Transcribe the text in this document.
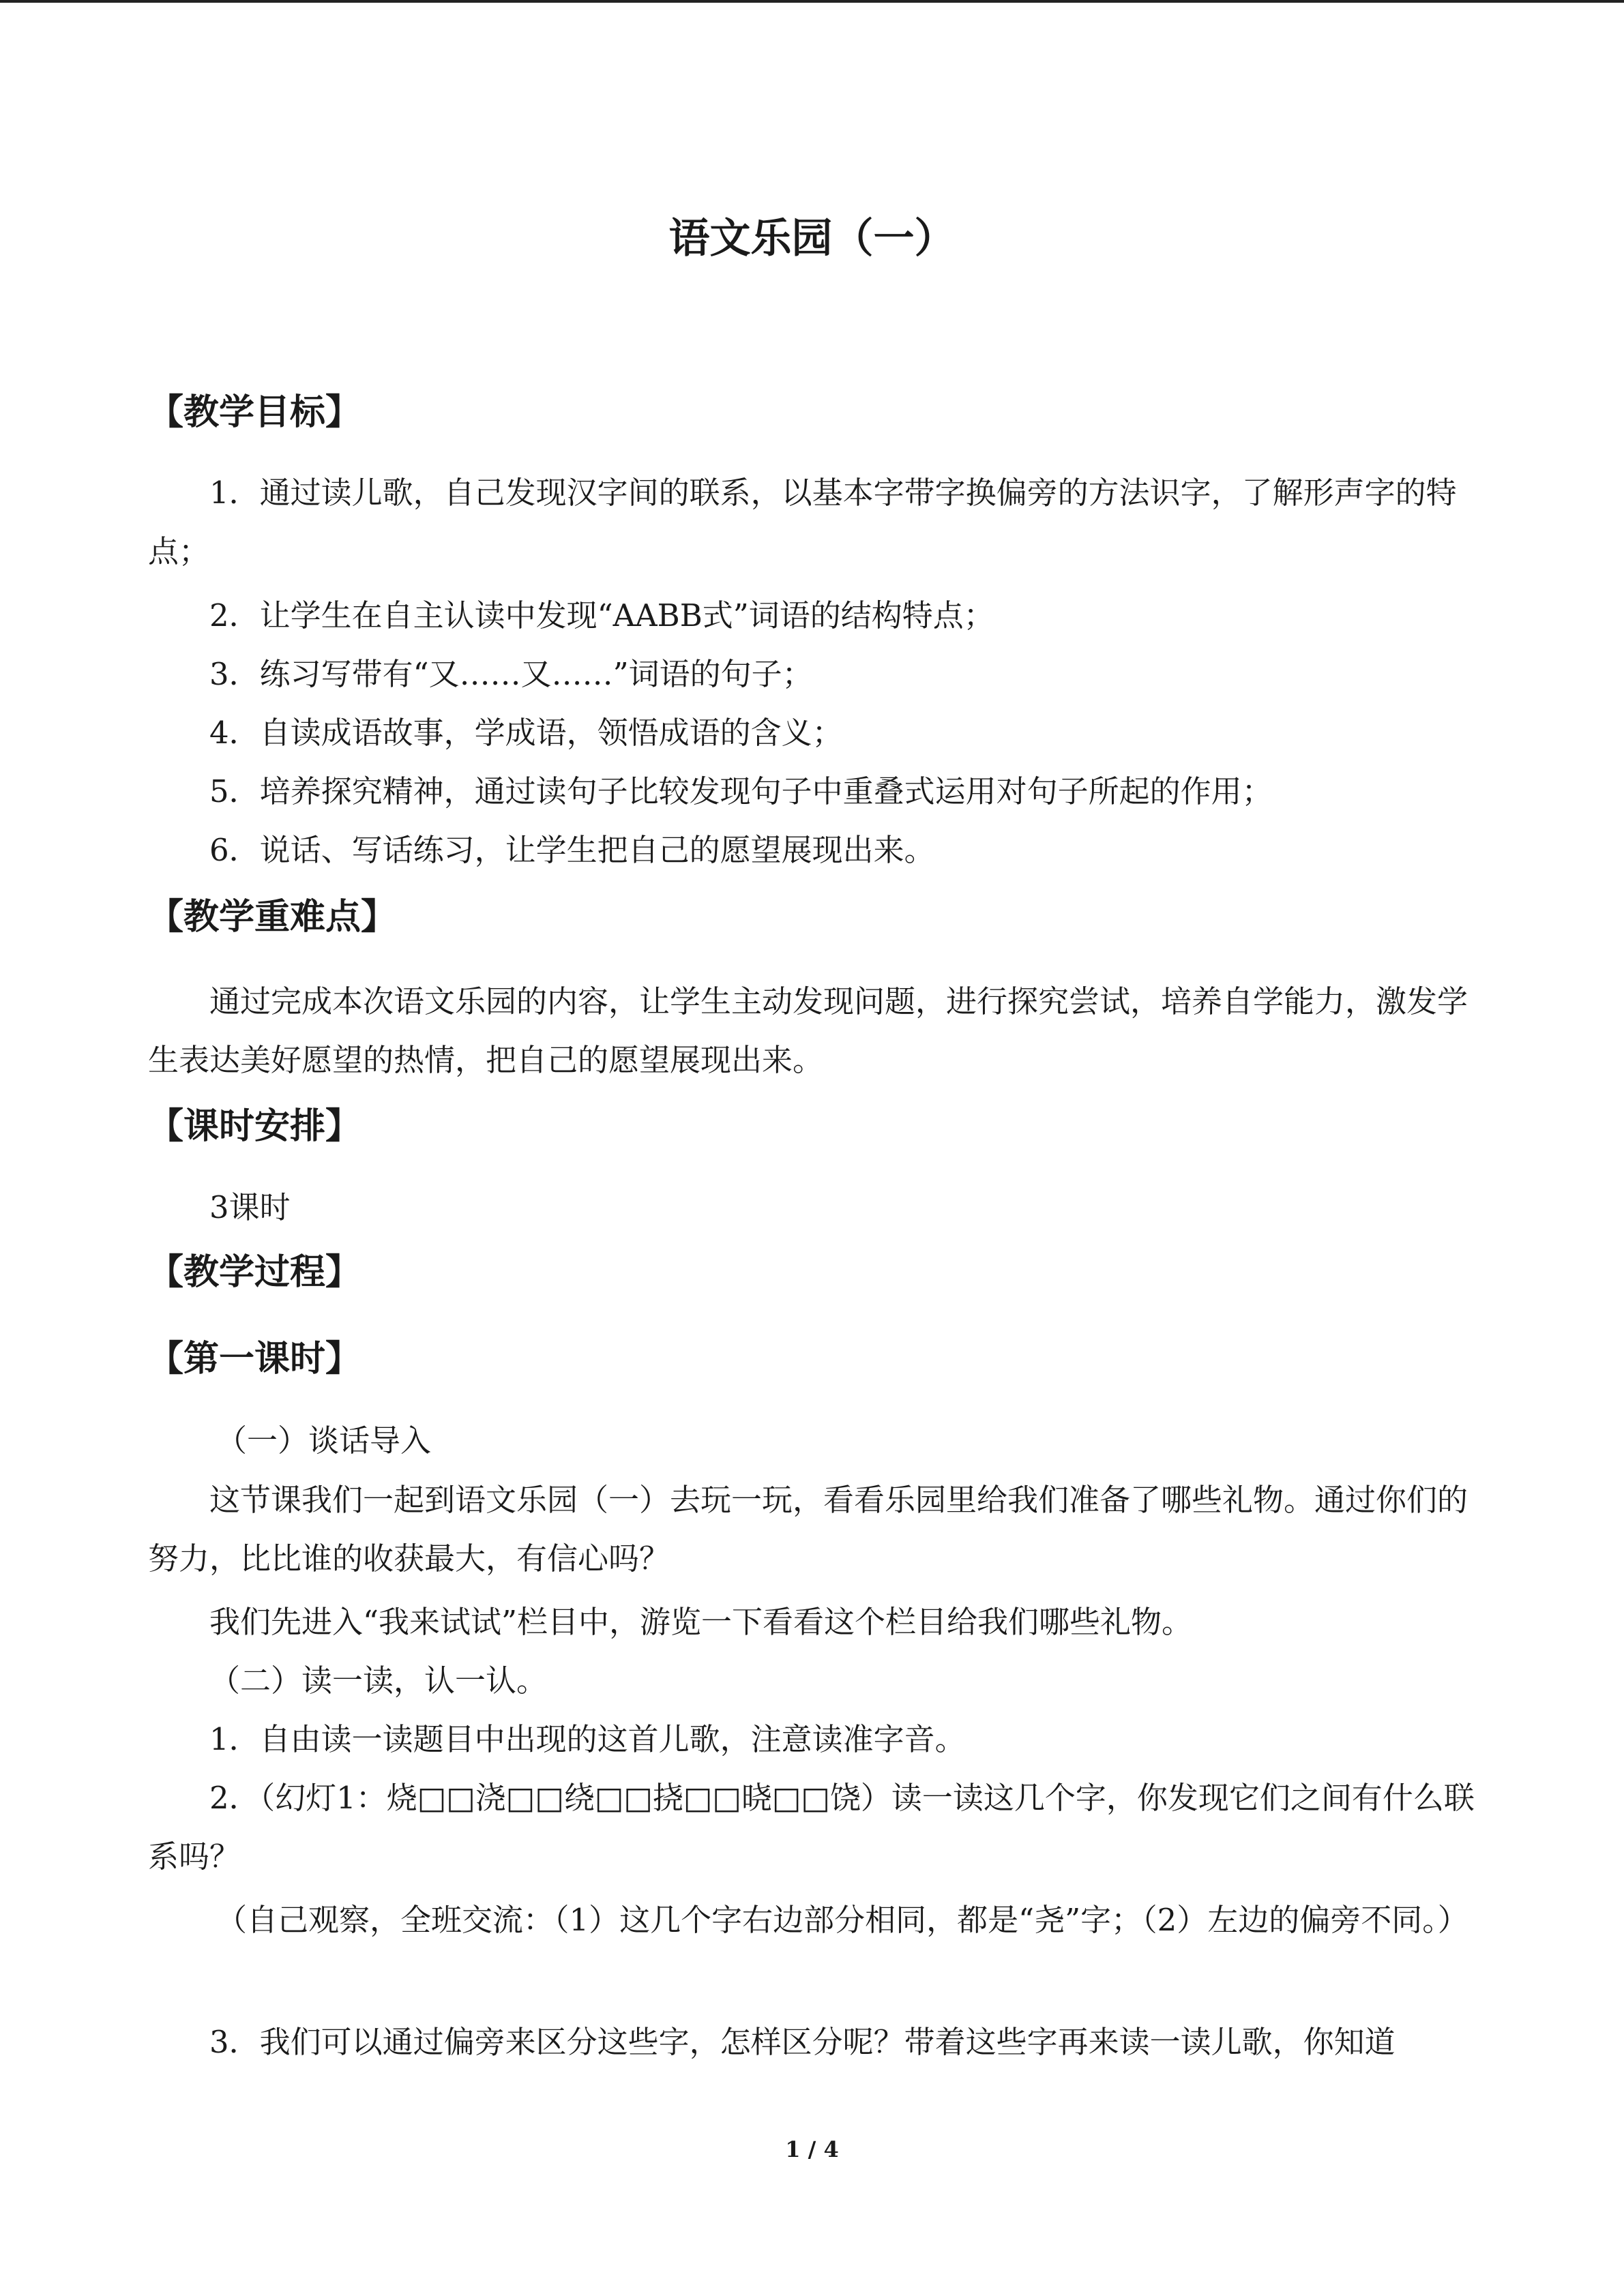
语文乐园（一）
【教学目标】

1．通过读儿歌，自己发现汉字间的联系，以基本字带字换偏旁的方法识字，了解形声字的特点；

2．让学生在自主认读中发现“AABB式”词语的结构特点；

3．练习写带有“又……又……”词语的句子；

4．自读成语故事，学成语，领悟成语的含义；

5．培养探究精神，通过读句子比较发现句子中重叠式运用对句子所起的作用；

6．说话、写话练习，让学生把自己的愿望展现出来。

【教学重难点】

通过完成本次语文乐园的内容，让学生主动发现问题，进行探究尝试，培养自学能力，激发学生表达美好愿望的热情，把自己的愿望展现出来。

【课时安排】

3课时

【教学过程】
【第一课时】

（一）谈话导入

这节课我们一起到语文乐园（一）去玩一玩，看看乐园里给我们准备了哪些礼物。通过你们的努力，比比谁的收获最大，有信心吗？

我们先进入“我来试试”栏目中，游览一下看看这个栏目给我们哪些礼物。

（二）读一读，认一认。

1．自由读一读题目中出现的这首儿歌，注意读准字音。

2．（幻灯1：烧□□浇□□绕□□挠□□晓□□饶）读一读这几个字，你发现它们之间有什么联系吗？

（自己观察，全班交流：（1）这几个字右边部分相同，都是“尧”字；（2）左边的偏旁不同。）

3．我们可以通过偏旁来区分这些字，怎样区分呢？带着这些字再来读一读儿歌，你知道

1 / 4
